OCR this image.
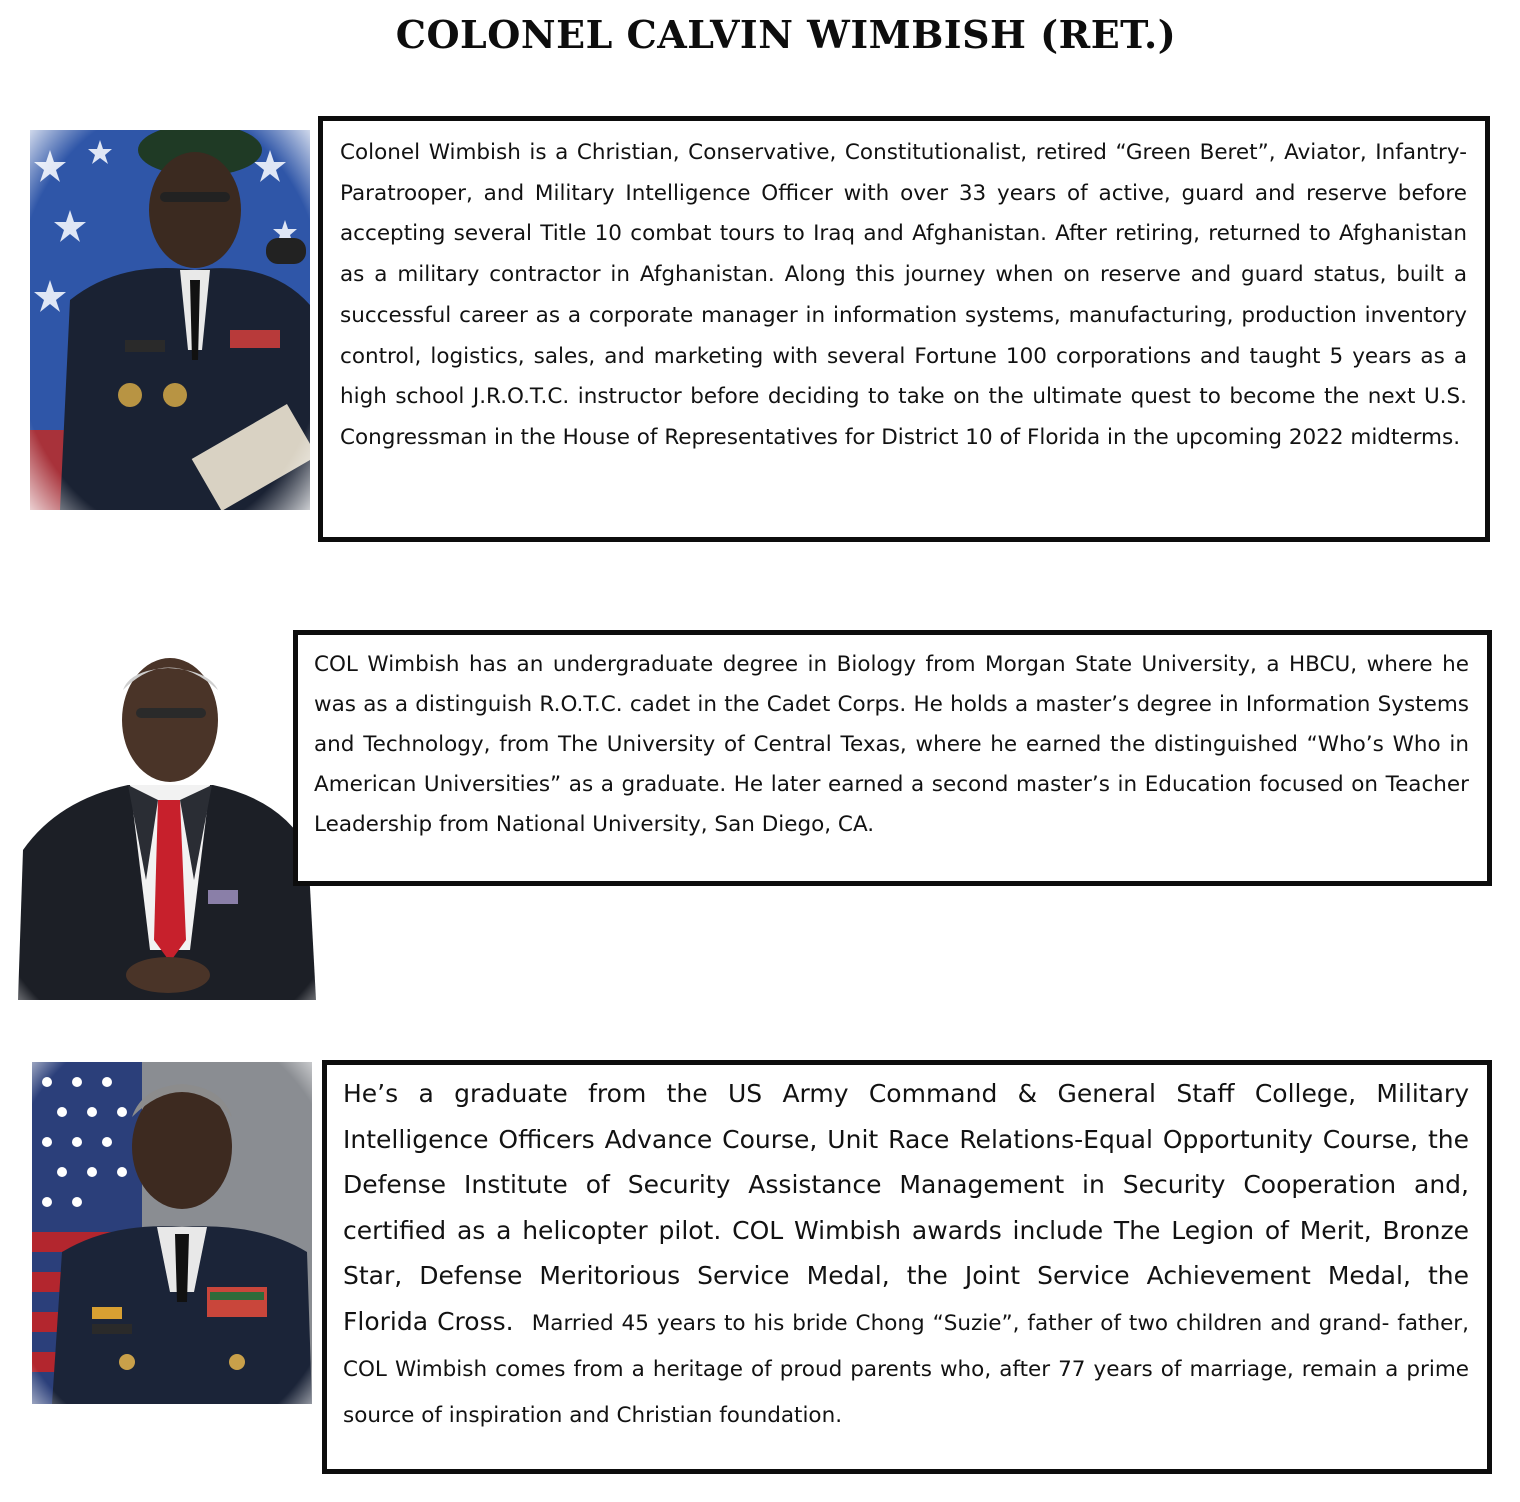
COLONEL CALVIN WIMBISH (RET.)

Colonel Wimbish is a Christian, Conservative, Constitutionalist, retired “Green Beret”, Aviator, Infantry-Paratrooper, and Military Intelligence Officer with over 33 years of active, guard and reserve before accepting several Title 10 combat tours to Iraq and Afghanistan. After retiring, returned to Afghanistan as a military contractor in Afghanistan. Along this journey when on reserve and guard status, built a successful career as a corporate manager in information systems, manufacturing, production inventory control, logistics, sales, and marketing with several Fortune 100 corporations and taught 5 years as a high school J.R.O.T.C. instructor before deciding to take on the ultimate quest to become the next U.S. Congressman in the House of Representatives for District 10 of Florida in the upcoming 2022 midterms.

COL Wimbish has an undergraduate degree in Biology from Morgan State University, a HBCU, where he was as a distinguish R.O.T.C. cadet in the Cadet Corps. He holds a master’s degree in Information Systems and Technology, from The University of Central Texas, where he earned the distinguished “Who’s Who in American Universities” as a graduate. He later earned a second master’s in Education focused on Teacher Leadership from National University, San Diego, CA.

He’s a graduate from the US Army Command & General Staff College, Military Intelligence Officers Advance Course, Unit Race Relations-Equal Opportunity Course, the Defense Institute of Security Assistance Management in Security Cooperation and, certified as a helicopter pilot. COL Wimbish awards include The Legion of Merit, Bronze Star, Defense Meritorious Service Medal, the Joint Service Achievement Medal, the Florida Cross. Married 45 years to his bride Chong “Suzie”, father of two children and grand- father, COL Wimbish comes from a heritage of proud parents who, after 77 years of marriage, remain a prime source of inspiration and Christian foundation.
